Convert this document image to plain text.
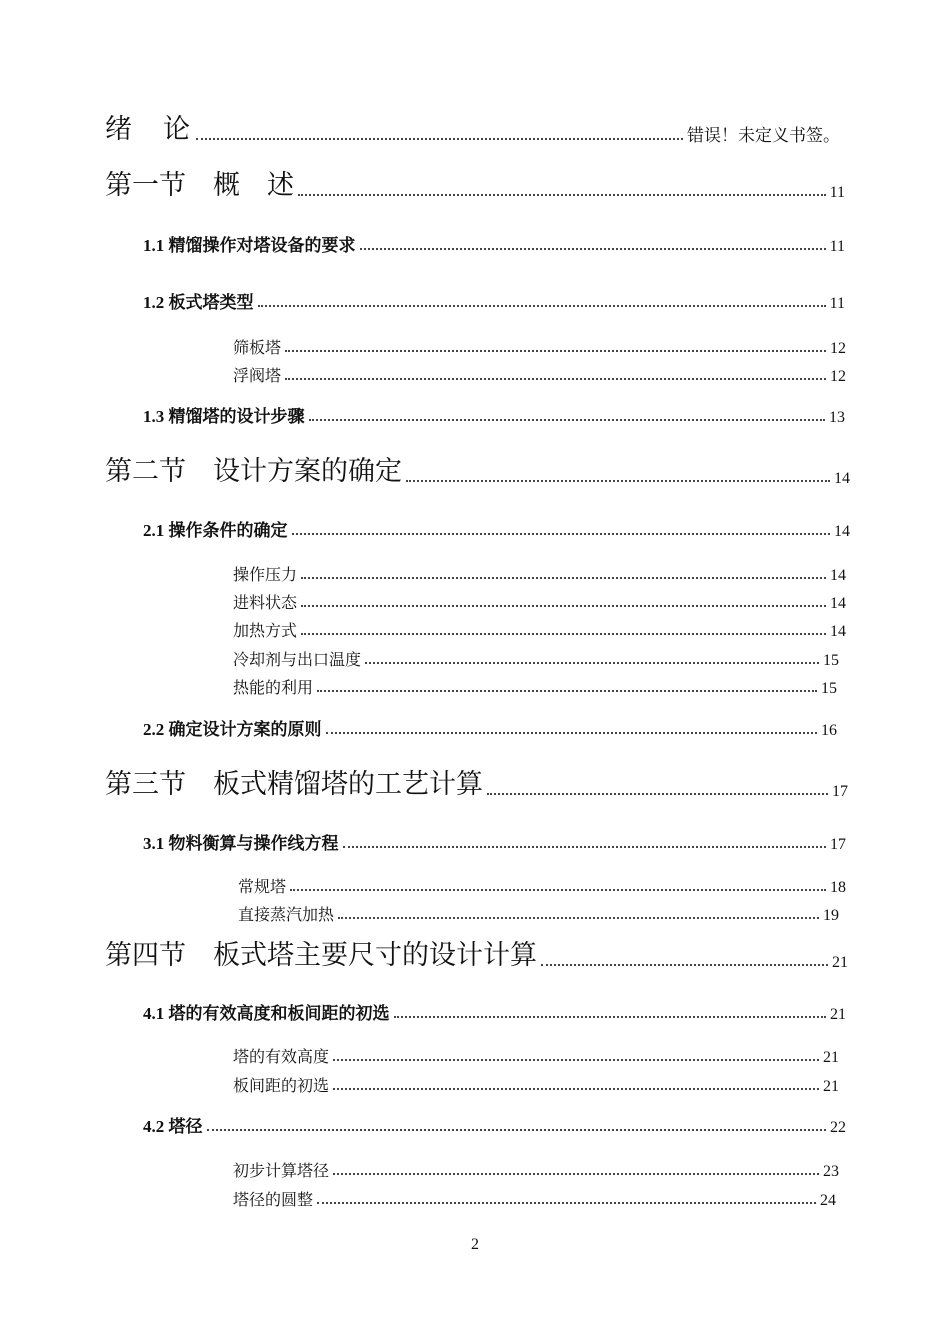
绪　论	错误！未定义书签。
第一节　概　述	11
1.1 精馏操作对塔设备的要求	11
1.2 板式塔类型	11
筛板塔	12
浮阀塔	12
1.3 精馏塔的设计步骤	13
第二节　设计方案的确定	14
2.1 操作条件的确定	14
操作压力	14
进料状态	14
加热方式	14
冷却剂与出口温度	15
热能的利用	15
2.2 确定设计方案的原则	16
第三节　板式精馏塔的工艺计算	17
3.1 物料衡算与操作线方程	17
常规塔	18
直接蒸汽加热	19
第四节　板式塔主要尺寸的设计计算	21
4.1 塔的有效高度和板间距的初选	21
塔的有效高度	21
板间距的初选	21
4.2 塔径	22
初步计算塔径	23
塔径的圆整	24
2
